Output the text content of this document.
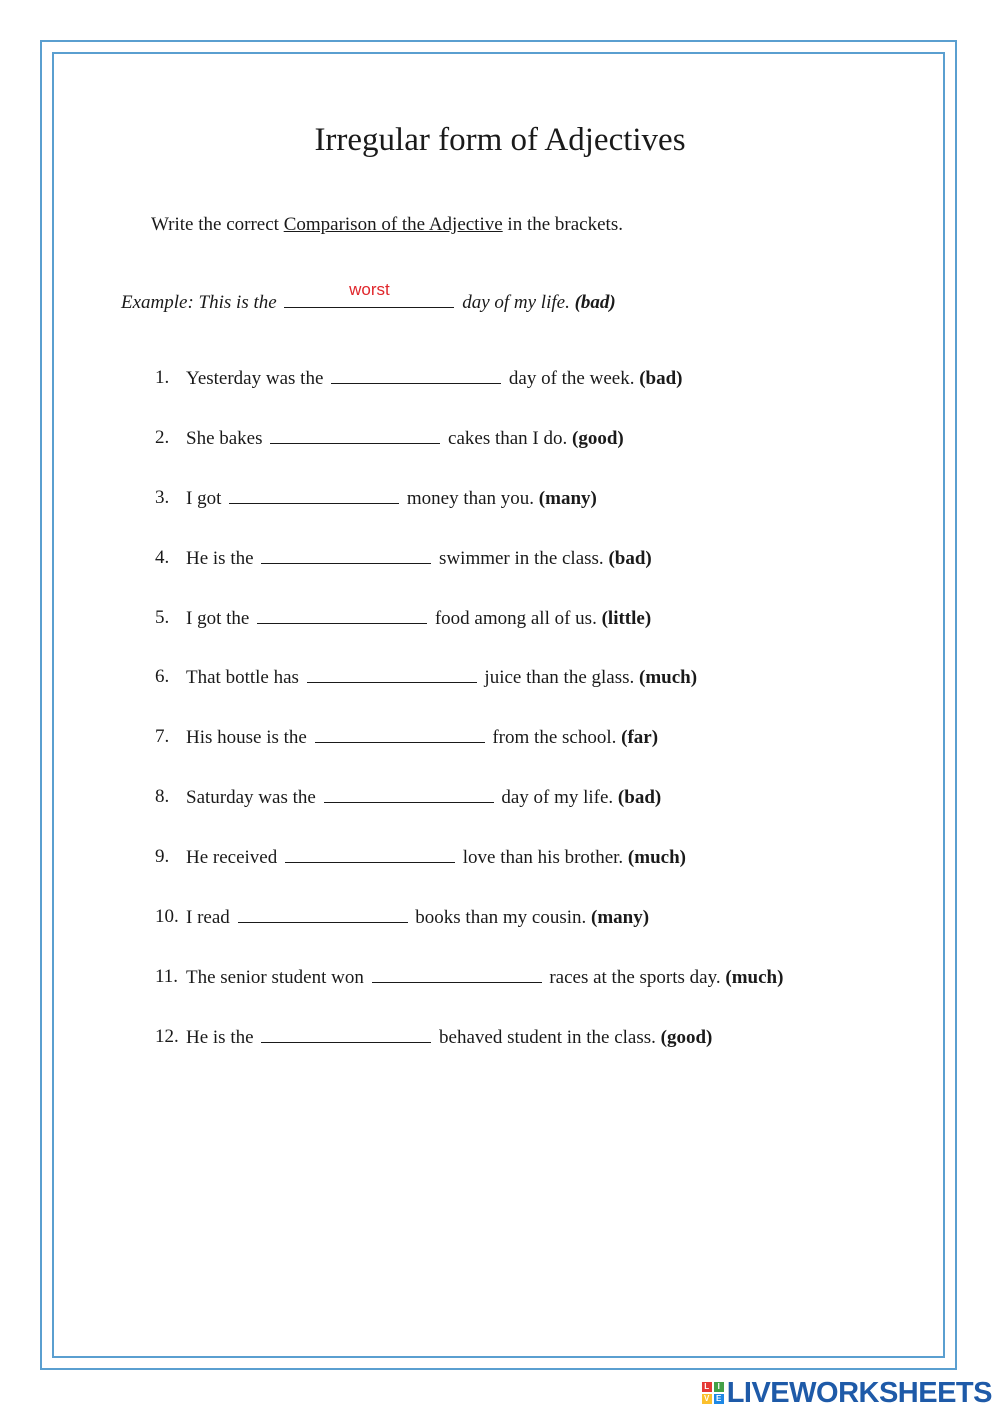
Irregular form of Adjectives
Write the correct Comparison of the Adjective in the brackets.
Example: This is the
worst
day of my life. (bad)
1. Yesterday was the	day of the week. (bad)
2. She bakes	cakes than I do. (good)
3. I got	money than you. (many)
4. He is the	swimmer in the class. (bad)
5. I got the	food among all of us. (little)
6. That bottle has	juice than the glass. (much)
7. His house is the	from the school. (far)
8. Saturday was the	day of my life. (bad)
9. He received	love than his brother. (much)
10. I read	books than my cousin. (many)
11. The senior student won	races at the sports day. (much)
12. He is the	behaved student in the class. (good)
L	I
V E LIVEWORKSHEETS
